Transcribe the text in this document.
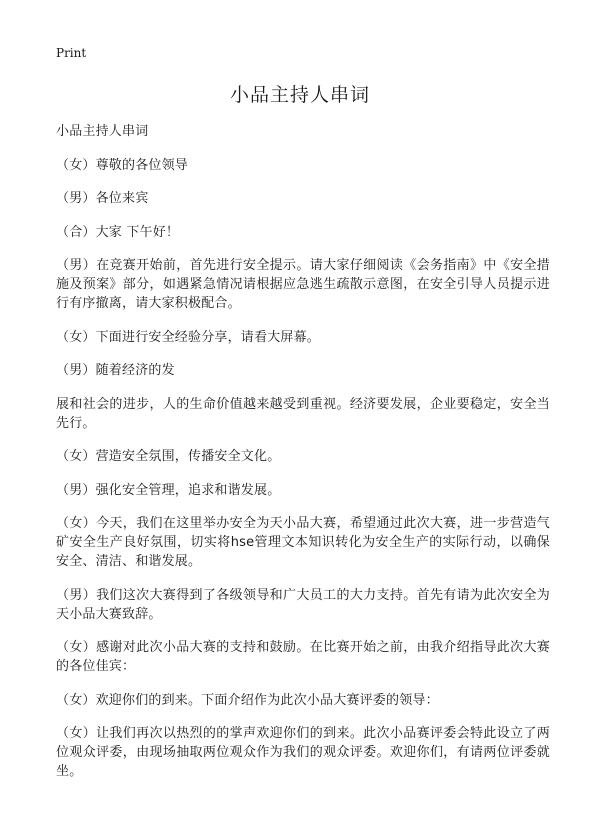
Print
小品主持人串词

小品主持人串词

（女）尊敬的各位领导

（男）各位来宾

（合）大家 下午好！

（男）在竞赛开始前，首先进行安全提示。请大家仔细阅读《会务指南》中《安全措施及预案》部分，如遇紧急情况请根据应急逃生疏散示意图，在安全引导人员提示进行有序撤离，请大家积极配合。

（女）下面进行安全经验分享，请看大屏幕。

（男）随着经济的发

展和社会的进步，人的生命价值越来越受到重视。经济要发展，企业要稳定，安全当先行。

（女）营造安全氛围，传播安全文化。

（男）强化安全管理，追求和谐发展。

（女）今天，我们在这里举办安全为天小品大赛，希望通过此次大赛，进一步营造气矿安全生产良好氛围，切实将hse管理文本知识转化为安全生产的实际行动，以确保安全、清洁、和谐发展。

（男）我们这次大赛得到了各级领导和广大员工的大力支持。首先有请为此次安全为天小品大赛致辞。

（女）感谢对此次小品大赛的支持和鼓励。在比赛开始之前，由我介绍指导此次大赛的各位佳宾：

（女）欢迎你们的到来。下面介绍作为此次小品大赛评委的领导：

（女）让我们再次以热烈的的掌声欢迎你们的到来。此次小品赛评委会特此设立了两位观众评委，由现场抽取两位观众作为我们的观众评委。欢迎你们，有请两位评委就坐。
